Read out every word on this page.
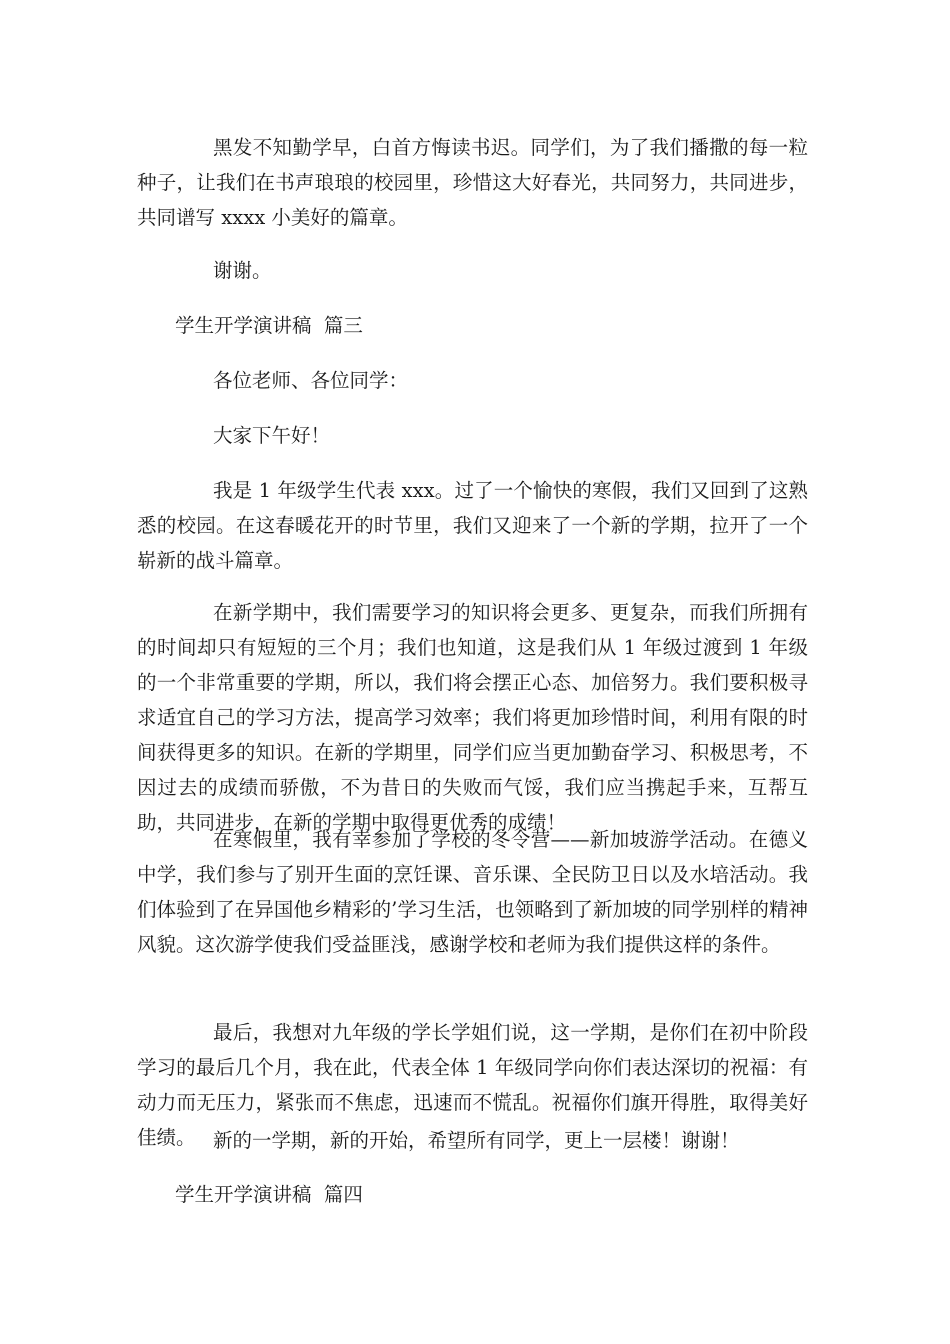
黑发不知勤学早，白首方悔读书迟。同学们，为了我们播撒的每一粒种子，让我们在书声琅琅的校园里，珍惜这大好春光，共同努力，共同进步，共同谱写 xxxx 小美好的篇章。

谢谢。

学生开学演讲稿  篇三

各位老师、各位同学：

大家下午好！

我是 1 年级学生代表 xxx。过了一个愉快的寒假，我们又回到了这熟悉的校园。在这春暖花开的时节里，我们又迎来了一个新的学期，拉开了一个崭新的战斗篇章。

在新学期中，我们需要学习的知识将会更多、更复杂，而我们所拥有的时间却只有短短的三个月；我们也知道，这是我们从 1 年级过渡到 1 年级的一个非常重要的学期，所以，我们将会摆正心态、加倍努力。我们要积极寻求适宜自己的学习方法，提高学习效率；我们将更加珍惜时间，利用有限的时间获得更多的知识。在新的学期里，同学们应当更加勤奋学习、积极思考，不因过去的成绩而骄傲，不为昔日的失败而气馁，我们应当携起手来，互帮互助，共同进步，在新的学期中取得更优秀的成绩！

在寒假里，我有幸参加了学校的冬令营——新加坡游学活动。在德义中学，我们参与了别开生面的烹饪课、音乐课、全民防卫日以及水培活动。我们体验到了在异国他乡精彩的’学习生活，也领略到了新加坡的同学别样的精神风貌。这次游学使我们受益匪浅，感谢学校和老师为我们提供这样的条件。

最后，我想对九年级的学长学姐们说，这一学期，是你们在初中阶段学习的最后几个月，我在此，代表全体 1 年级同学向你们表达深切的祝福：有动力而无压力，紧张而不焦虑，迅速而不慌乱。祝福你们旗开得胜，取得美好佳绩。 新的一学期，新的开始，希望所有同学，更上一层楼！谢谢！

学生开学演讲稿  篇四
